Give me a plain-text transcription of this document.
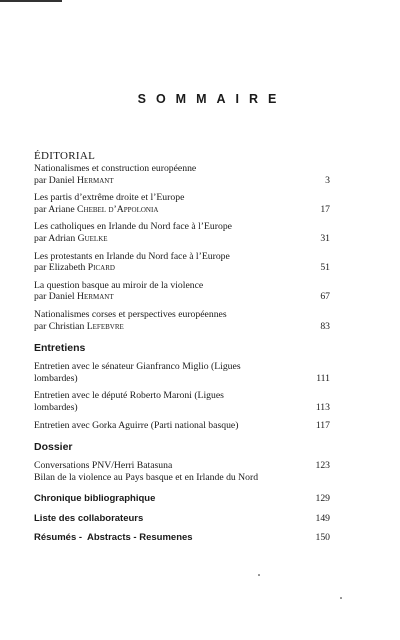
SOMMAIRE
ÉDITORIAL
Nationalismes et construction européenne
par Daniel Hermant	3
Les partis d’extrême droite et l’Europe
par Ariane Chebel d’Appolonia	17
Les catholiques en Irlande du Nord face à l’Europe
par Adrian Guelke	31
Les protestants en Irlande du Nord face à l’Europe
par Elizabeth Picard	51
La question basque au miroir de la violence
par Daniel Hermant	67
Nationalismes corses et perspectives européennes
par Christian Lefebvre	83
Entretiens
Entretien avec le sénateur Gianfranco Miglio (Ligues
lombardes)	111
Entretien avec le député Roberto Maroni (Ligues
lombardes)	113
Entretien avec Gorka Aguirre (Parti national basque)	117
Dossier
Conversations PNV/Herri Batasuna	123
Bilan de la violence au Pays basque et en Irlande du Nord
Chronique bibliographique	129
Liste des collaborateurs	149
Résumés -  Abstracts - Resumenes	150
